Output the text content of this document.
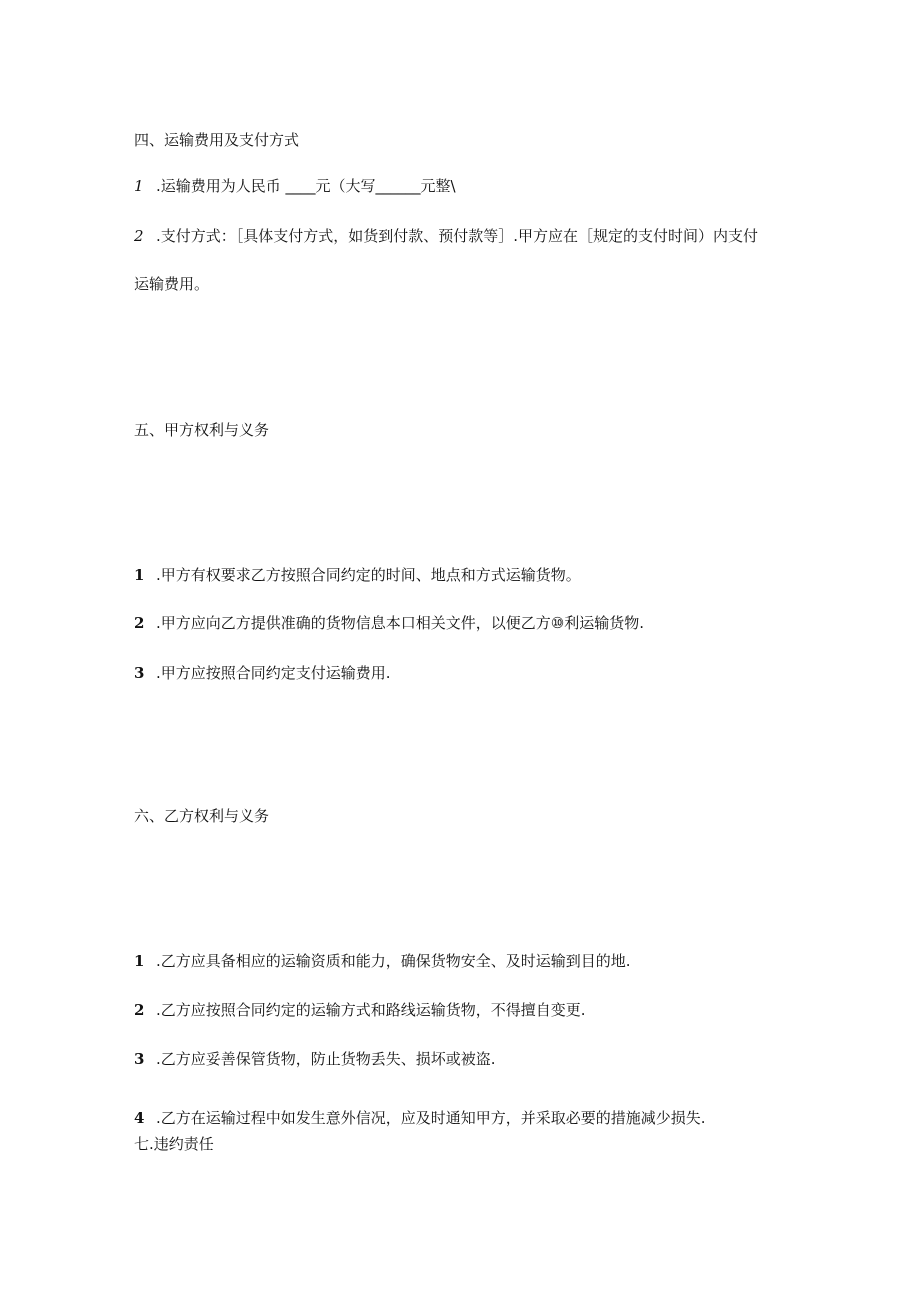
四、运输费用及支付方式
1 .运输费用为人民币 ____元（大写______元整\
2 .支付方式：［具体支付方式，如货到付款、预付款等］.甲方应在［规定的支付时间）内支付
运输费用。
五、甲方权利与义务
1 .甲方有权要求乙方按照合同约定的时间、地点和方式运输货物。
2 .甲方应向乙方提供准确的货物信息本口相关文件，以便乙方⑩利运输货物.
3 .甲方应按照合同约定支付运输费用.
六、乙方权利与义务
1 .乙方应具备相应的运输资质和能力，确保货物安全、及时运输到目的地.
2 .乙方应按照合同约定的运输方式和路线运输货物，不得擅自变更.
3 .乙方应妥善保管货物，防止货物丢失、损坏或被盗.
4 .乙方在运输过程中如发生意外信况，应及时通知甲方，并采取必要的措施减少损失.
七.违约责任
